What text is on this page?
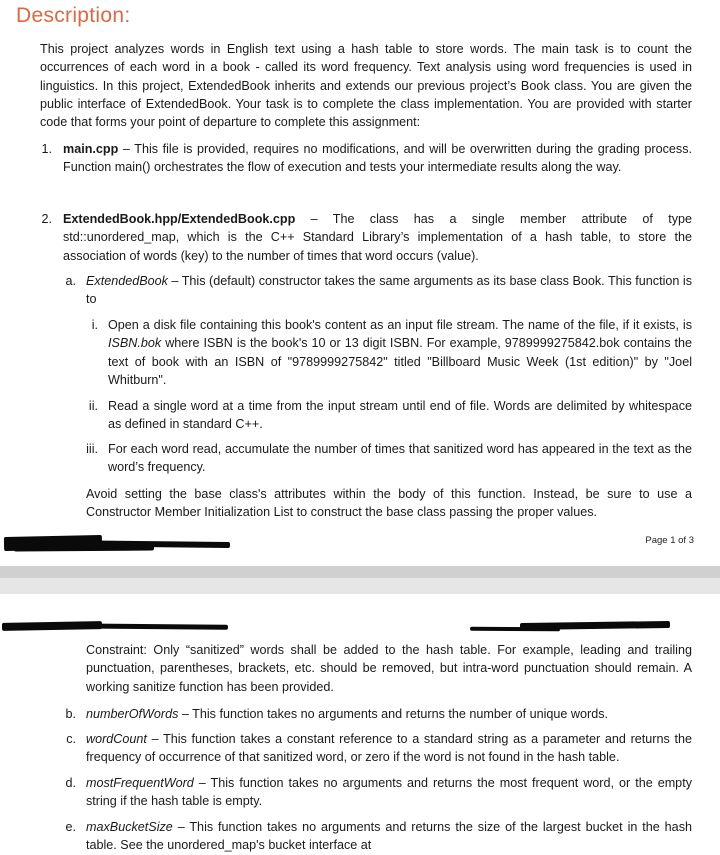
Description:

This project analyzes words in English text using a hash table to store words. The main task is to count the occurrences of each word in a book - called its word frequency. Text analysis using word frequencies is used in linguistics. In this project, ExtendedBook inherits and extends our previous project’s Book class. You are given the public interface of ExtendedBook. Your task is to complete the class implementation. You are provided with starter code that forms your point of departure to complete this assignment:

1. main.cpp – This file is provided, requires no modifications, and will be overwritten during the grading process. Function main() orchestrates the flow of execution and tests your intermediate results along the way.

2. ExtendedBook.hpp/ExtendedBook.cpp – The class has a single member attribute of type std::unordered_map, which is the C++ Standard Library’s implementation of a hash table, to store the association of words (key) to the number of times that word occurs (value).

a. ExtendedBook – This (default) constructor takes the same arguments as its base class Book. This function is to

i. Open a disk file containing this book's content as an input file stream. The name of the file, if it exists, is ISBN.bok where ISBN is the book's 10 or 13 digit ISBN. For example, 9789999275842.bok contains the text of book with an ISBN of "9789999275842" titled "Billboard Music Week (1st edition)" by "Joel Whitburn".

ii. Read a single word at a time from the input stream until end of file. Words are delimited by whitespace as defined in standard C++.

iii. For each word read, accumulate the number of times that sanitized word has appeared in the text as the word’s frequency.

Avoid setting the base class's attributes within the body of this function. Instead, be sure to use a Constructor Member Initialization List to construct the base class passing the proper values.

Page 1 of 3

Constraint: Only “sanitized” words shall be added to the hash table. For example, leading and trailing punctuation, parentheses, brackets, etc. should be removed, but intra-word punctuation should remain. A working sanitize function has been provided.

b. numberOfWords – This function takes no arguments and returns the number of unique words.

c. wordCount – This function takes a constant reference to a standard string as a parameter and returns the frequency of occurrence of that sanitized word, or zero if the word is not found in the hash table.

d. mostFrequentWord – This function takes no arguments and returns the most frequent word, or the empty string if the hash table is empty.

e. maxBucketSize – This function takes no arguments and returns the size of the largest bucket in the hash table. See the unordered_map's bucket interface at
